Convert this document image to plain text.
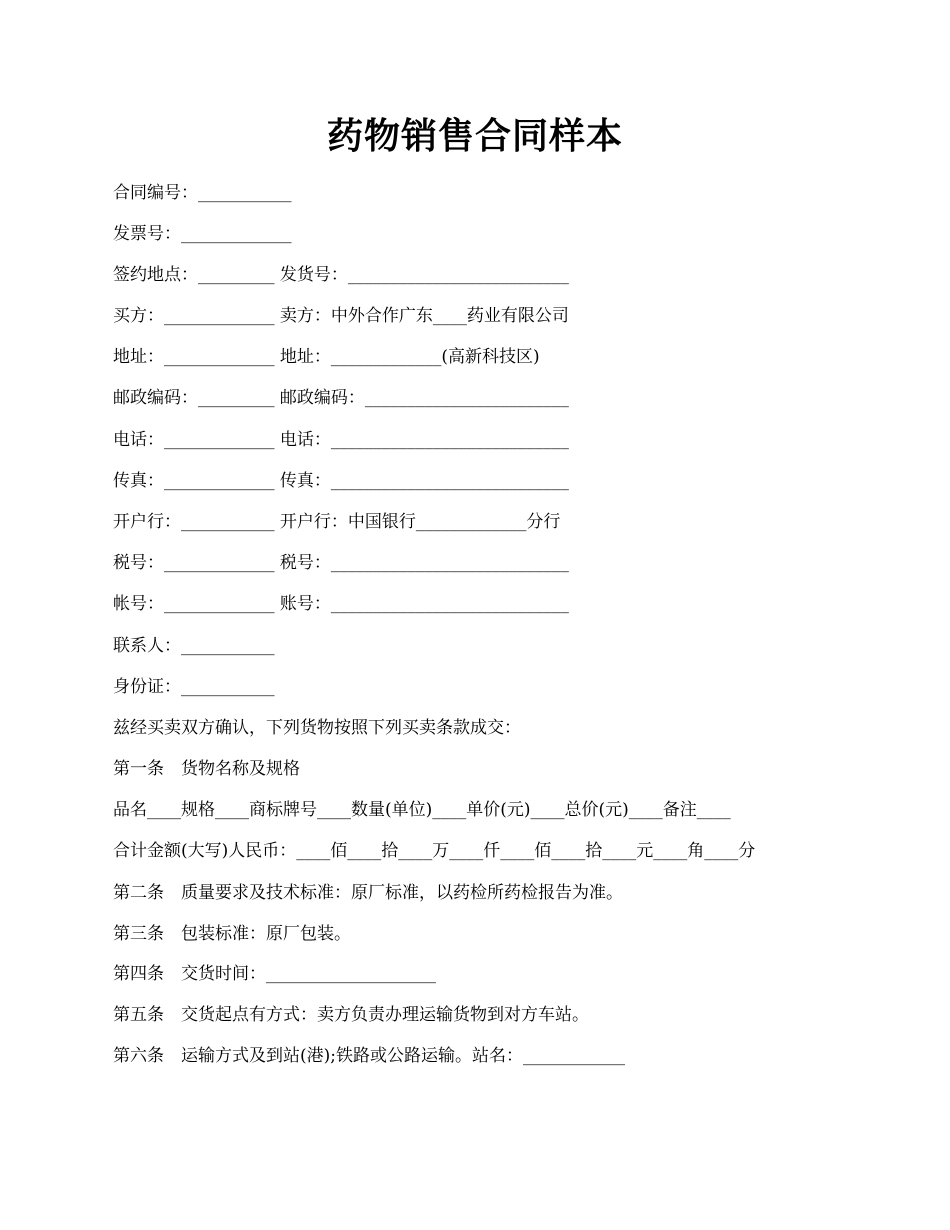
药物销售合同样本

合同编号：___________

发票号：_____________

签约地点：_________ 发货号：__________________________

买方：_____________ 卖方：中外合作广东____药业有限公司

地址：_____________ 地址：_____________(高新科技区)

邮政编码：_________ 邮政编码：________________________

电话：_____________ 电话：____________________________

传真：_____________ 传真：____________________________

开户行：___________ 开户行：中国银行_____________分行

税号：_____________ 税号：____________________________

帐号：_____________ 账号：____________________________

联系人：___________

身份证：___________

兹经买卖双方确认，下列货物按照下列买卖条款成交：

第一条　货物名称及规格

品名____规格____商标牌号____数量(单位)____单价(元)____总价(元)____备注____

合计金额(大写)人民币：____佰____拾____万____仟____佰____拾____元____角____分

第二条　质量要求及技术标准：原厂标准，以药检所药检报告为准。

第三条　包装标准：原厂包装。

第四条　交货时间：____________________

第五条　交货起点有方式：卖方负责办理运输货物到对方车站。

第六条　运输方式及到站(港);铁路或公路运输。站名：____________
